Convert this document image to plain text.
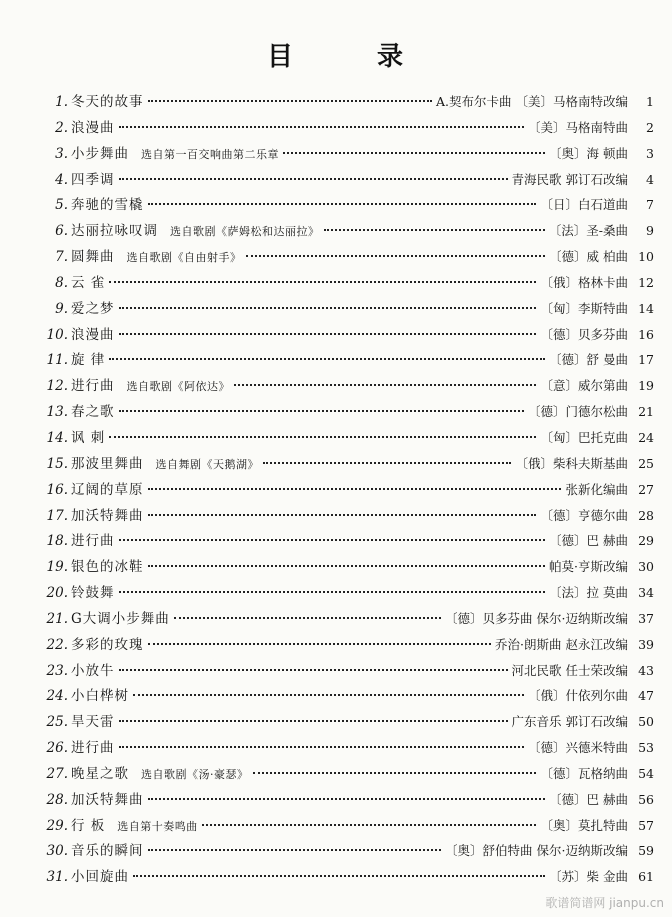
目	录
1. 冬天的故事	A.契布尔卡曲 〔美〕马格南特改编	1
2. 浪漫曲	〔美〕马格南特曲	2
3. 小步舞曲 选自第一百交响曲第二乐章	〔奥〕海 顿曲	3
4. 四季调	青海民歌 郭订石改编	4
5. 奔驰的雪橇	〔日〕白石道曲	7
6. 达丽拉咏叹调 选自歌剧《萨姆松和达丽拉》	〔法〕圣-桑曲	9
7. 圆舞曲 选自歌剧《自由射手》	〔德〕威 柏曲 10
8. 云 雀	〔俄〕格林卡曲 12
9. 爱之梦	〔匈〕李斯特曲 14
10. 浪漫曲	〔德〕贝多芬曲 16
11. 旋 律	〔德〕舒 曼曲 17
12. 进行曲 选自歌剧《阿依达》	〔意〕威尔第曲 19
13. 春之歌	〔德〕门德尔松曲 21
14. 讽 刺	〔匈〕巴托克曲 24
15. 那波里舞曲 选自舞剧《天鹅湖》	〔俄〕柴科夫斯基曲 25
16. 辽阔的草原	张新化编曲 27
17. 加沃特舞曲	〔德〕亨德尔曲 28
18. 进行曲	〔德〕巴 赫曲 29
19. 银色的冰鞋	帕莫·亨斯改编 30
20. 铃鼓舞	〔法〕拉 莫曲 34
21. G大调小步舞曲	〔德〕贝多芬曲 保尔·迈纳斯改编 37
22. 多彩的玫瑰	乔治·朗斯曲 赵永江改编 39
23. 小放牛	河北民歌 任士荣改编 43
24. 小白桦树	〔俄〕什依列尔曲 47
25. 旱天雷	广东音乐 郭订石改编 50
26. 进行曲	〔德〕兴德米特曲 53
27. 晚星之歌 选自歌剧《汤·豪瑟》	〔德〕瓦格纳曲 54
28. 加沃特舞曲	〔德〕巴 赫曲 56
29. 行 板 选自第十奏鸣曲	〔奥〕莫扎特曲 57
30. 音乐的瞬间	〔奥〕舒伯特曲 保尔·迈纳斯改编 59
31. 小回旋曲	〔苏〕柴 金曲 61
歌谱简谱网 jianpu.cn
